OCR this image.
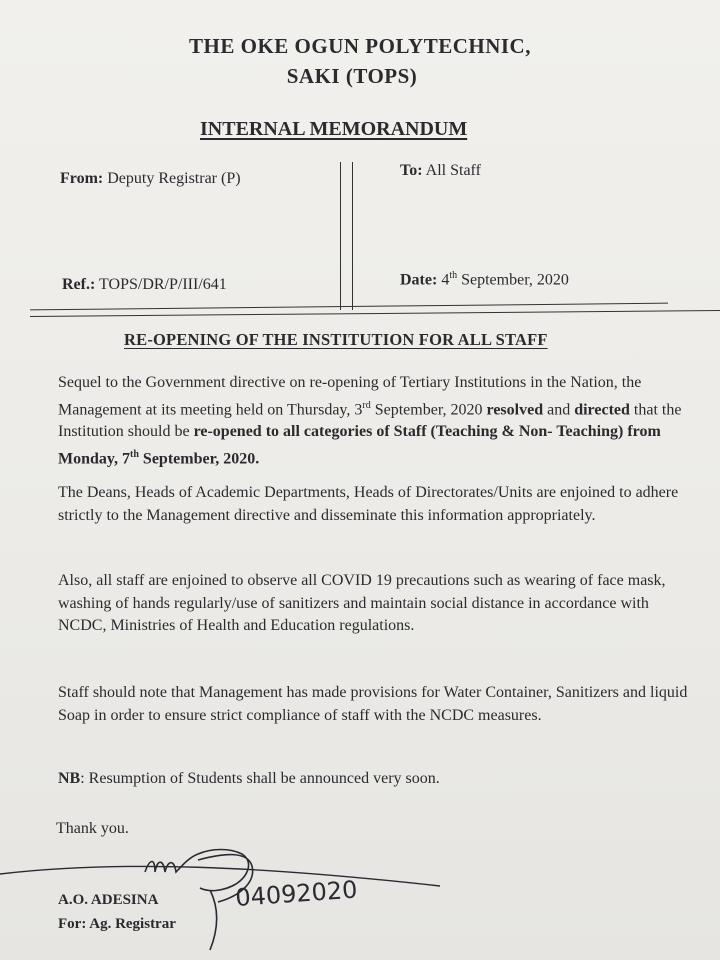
THE OKE OGUN POLYTECHNIC,
SAKI (TOPS)
INTERNAL MEMORANDUM
From: Deputy Registrar (P)	To: All Staff
Ref.: TOPS/DR/P/III/641	Date: 4th September, 2020
RE-OPENING OF THE INSTITUTION FOR ALL STAFF
Sequel to the Government directive on re-opening of Tertiary Institutions in the Nation, the Management at its meeting held on Thursday, 3rd September, 2020 resolved and directed that the Institution should be re-opened to all categories of Staff (Teaching & Non- Teaching) from Monday, 7th September, 2020.
The Deans, Heads of Academic Departments, Heads of Directorates/Units are enjoined to adhere strictly to the Management directive and disseminate this information appropriately.
Also, all staff are enjoined to observe all COVID 19 precautions such as wearing of face mask, washing of hands regularly/use of sanitizers and maintain social distance in accordance with NCDC, Ministries of Health and Education regulations.
Staff should note that Management has made provisions for Water Container, Sanitizers and liquid Soap in order to ensure strict compliance of staff with the NCDC measures.
NB: Resumption of Students shall be announced very soon.
Thank you.
04092020
A.O. ADESINA
For: Ag. Registrar
